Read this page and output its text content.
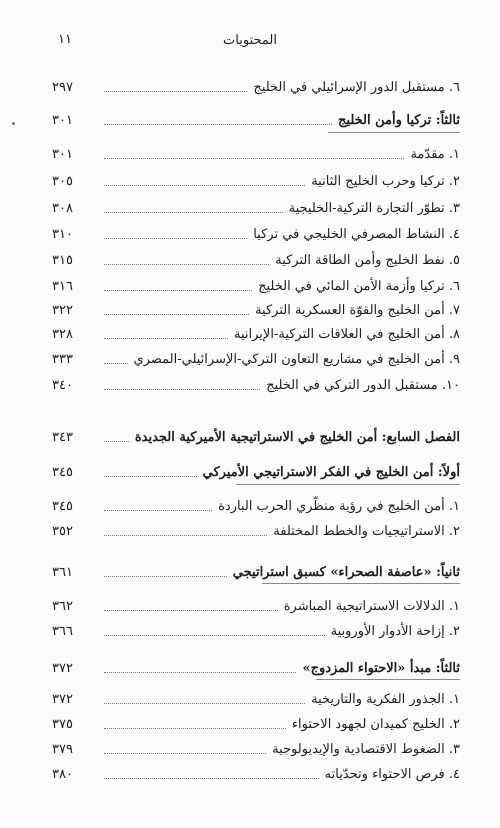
١١	المحتويات
٦. مستقبل الدور الإسرائيلي في الخليج
٢٩٧
ثالثاً: تركيا وأمن الخليج
٣٠١
١. مقدّمة
٣٠١
٢. تركيا وحرب الخليج الثانية
٣٠٥
٣. تطوّر التجارة التركية-الخليجية
٣٠٨
٤. النشاط المصرفي الخليجي في تركيا
٣١٠
٥. نفط الخليج وأمن الطاقة التركية
٣١٥
٦. تركيا وأزمة الأمن المائي في الخليج
٣١٦
٧. أمن الخليج والقوّة العسكرية التركية
٣٢٢
٨. أمن الخليج في العلاقات التركية-الإيرانية
٣٢٨
٩. أمن الخليج في مشاريع التعاون التركي-الإسرائيلي-المصري
٣٣٣
١٠. مستقبل الدور التركي في الخليج
٣٤٠
الفصل السابع: أمن الخليج في الاستراتيجية الأميركية الجديدة
٣٤٣
أولاً: أمن الخليج في الفكر الاستراتيجي الأميركي
٣٤٥
١. أمن الخليج في رؤية منظّري الحرب الباردة
٣٤٥
٢. الاستراتيجيات والخطط المختلفة
٣٥٢
ثانياً: «عاصفة الصحراء» كسبق استراتيجي
٣٦١
١. الدلالات الاستراتيجية المباشرة
٣٦٢
٢. إزاحة الأدوار الأوروبية
٣٦٦
ثالثاً: مبدأ «الاحتواء المزدوج»
٣٧٢
١. الجذور الفكرية والتاريخية
٣٧٢
٢. الخليج كميدان لجهود الاحتواء
٣٧٥
٣. الضغوط الاقتصادية والإيديولوجية
٣٧٩
٤. فرص الاحتواء وتحدّياته
٣٨٠
